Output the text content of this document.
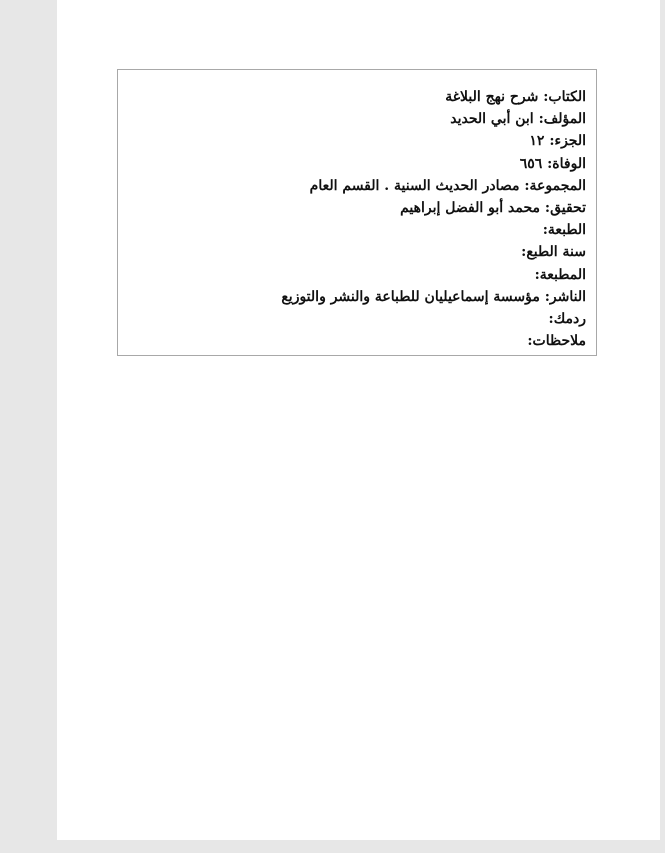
الكتاب: شرح نهج البلاغة
المؤلف: ابن أبي الحديد
الجزء: ١٢
الوفاة: ٦٥٦
المجموعة: مصادر الحديث السنية . القسم العام
تحقيق: محمد أبو الفضل إبراهيم
الطبعة:
سنة الطبع:
المطبعة:
الناشر: مؤسسة إسماعيليان للطباعة والنشر والتوزيع
ردمك:
ملاحظات:
